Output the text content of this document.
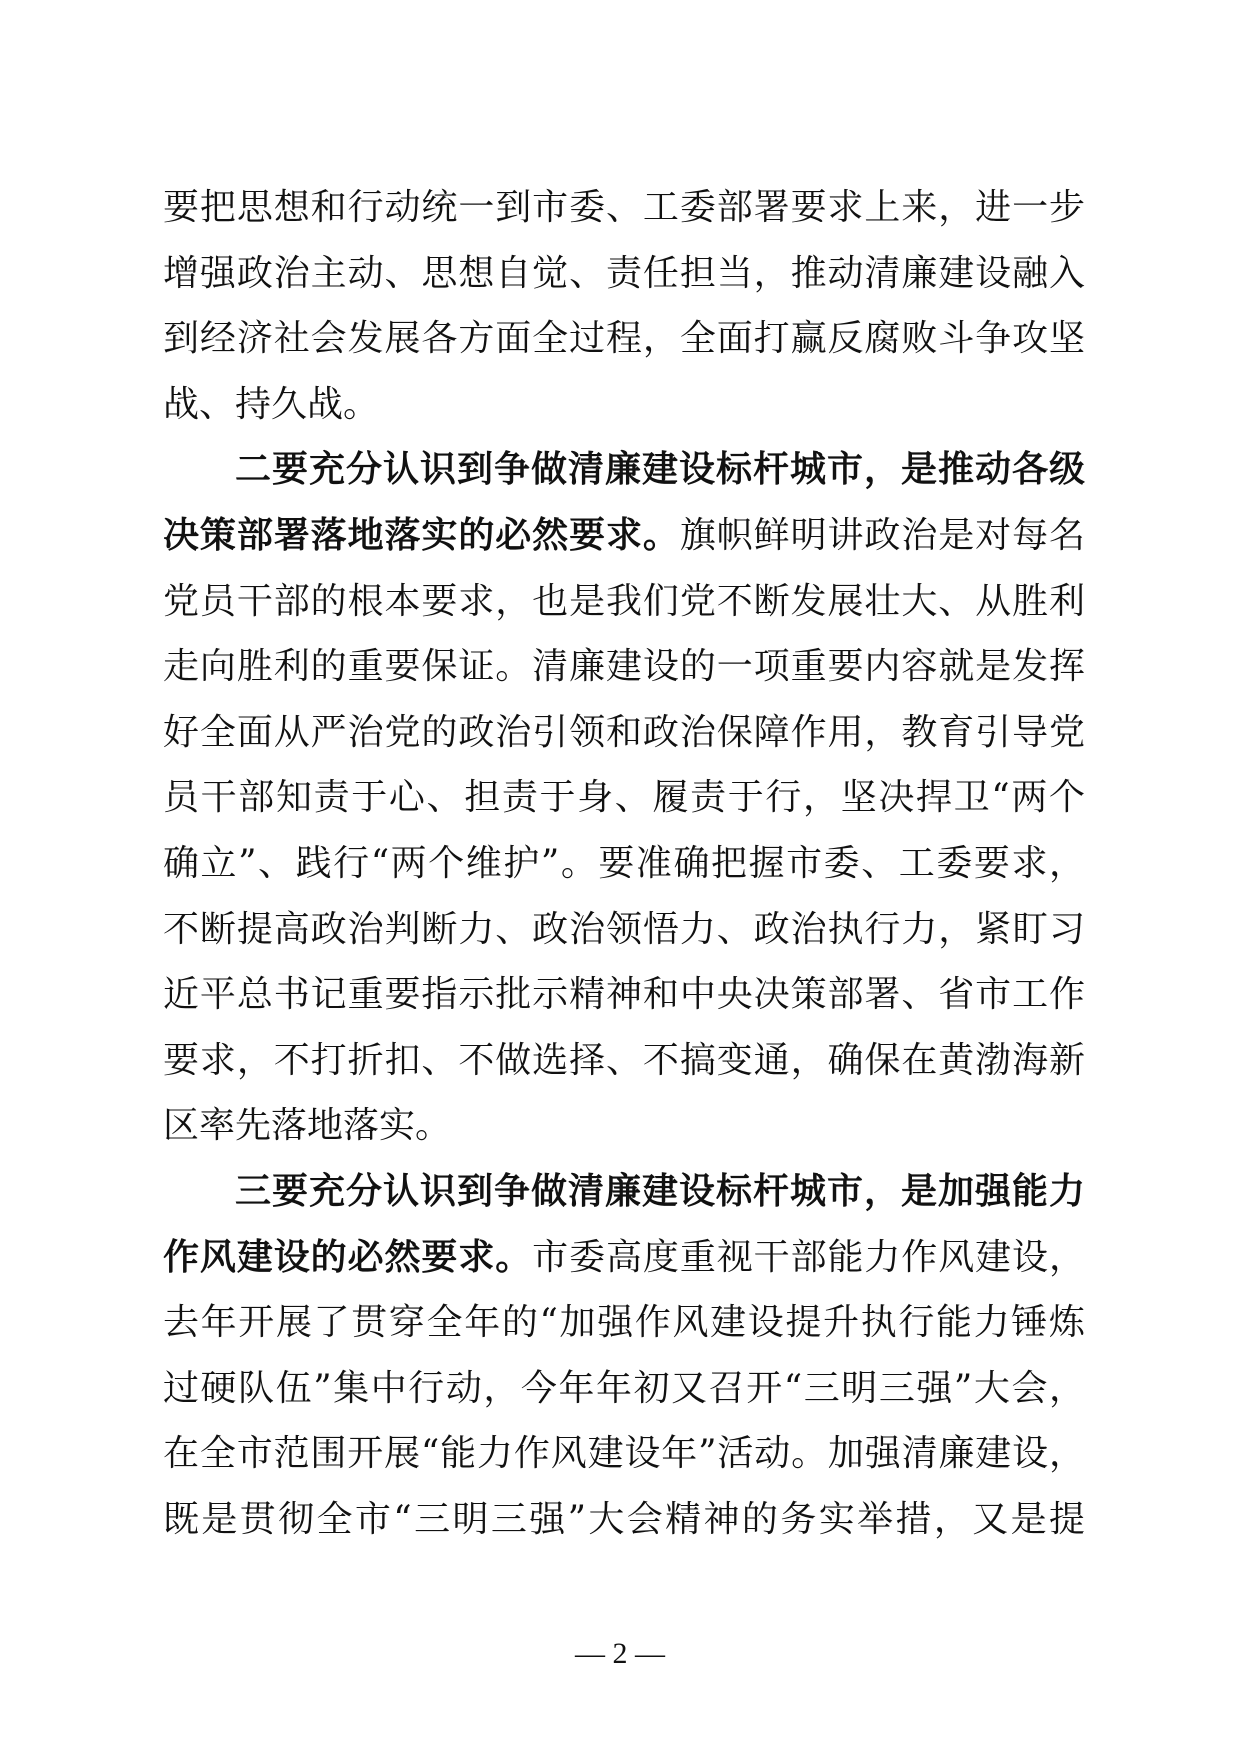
要把思想和行动统一到市委、工委部署要求上来，进一步
增强政治主动、思想自觉、责任担当，推动清廉建设融入
到经济社会发展各方面全过程，全面打赢反腐败斗争攻坚
战、持久战。
二要充分认识到争做清廉建设标杆城市，是推动各级
决策部署落地落实的必然要求。旗帜鲜明讲政治是对每名
党员干部的根本要求，也是我们党不断发展壮大、从胜利
走向胜利的重要保证。清廉建设的一项重要内容就是发挥
好全面从严治党的政治引领和政治保障作用，教育引导党
员干部知责于心、担责于身、履责于行，坚决捍卫“两个
确立”、践行“两个维护”。要准确把握市委、工委要求，
不断提高政治判断力、政治领悟力、政治执行力，紧盯习
近平总书记重要指示批示精神和中央决策部署、省市工作
要求，不打折扣、不做选择、不搞变通，确保在黄渤海新
区率先落地落实。
三要充分认识到争做清廉建设标杆城市，是加强能力
作风建设的必然要求。市委高度重视干部能力作风建设，
去年开展了贯穿全年的“加强作风建设提升执行能力锤炼
过硬队伍”集中行动，今年年初又召开“三明三强”大会，
在全市范围开展“能力作风建设年”活动。加强清廉建设，
既是贯彻全市“三明三强”大会精神的务实举措，又是提
— 2 —
